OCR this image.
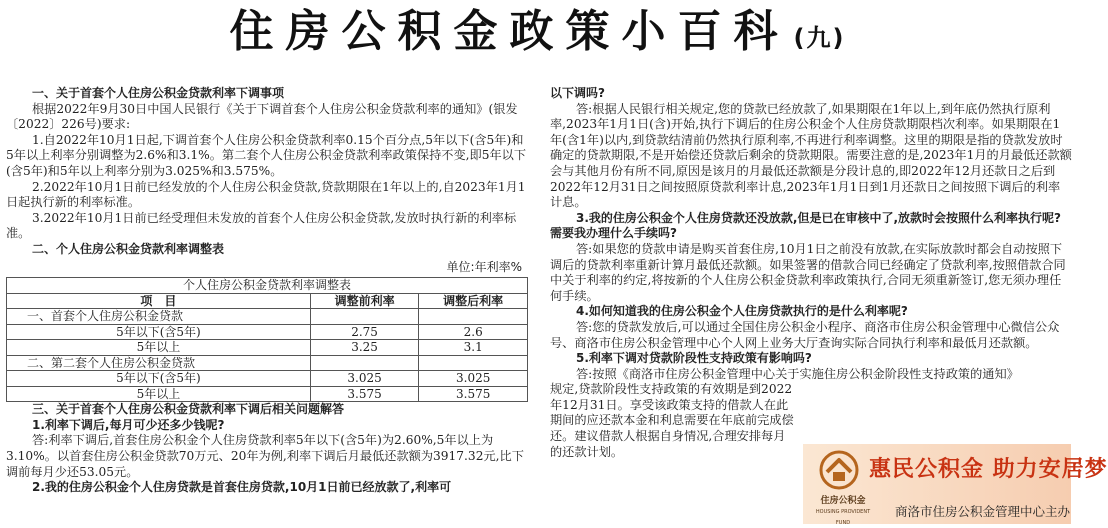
住房公积金政策小百科 (九)

一、关于首套个人住房公积金贷款利率下调事项

根据2022年9月30日中国人民银行《关于下调首套个人住房公积金贷款利率的通知》(银发〔2022〕226号)要求:

1.自2022年10月1日起,下调首套个人住房公积金贷款利率0.15个百分点,5年以下(含5年)和5年以上利率分别调整为2.6%和3.1%。第二套个人住房公积金贷款利率政策保持不变,即5年以下(含5年)和5年以上利率分别为3.025%和3.575%。

2.2022年10月1日前已经发放的个人住房公积金贷款,贷款期限在1年以上的,自2023年1月1日起执行新的利率标准。

3.2022年10月1日前已经受理但未发放的首套个人住房公积金贷款,发放时执行新的利率标准。

二、个人住房公积金贷款利率调整表

单位:年利率%

个人住房公积金贷款利率调整表		
项　目	调整前利率	调整后利率
一、首套个人住房公积金贷款		
5年以下(含5年)	2.75	2.6
5年以上	3.25	3.1
二、第二套个人住房公积金贷款		
5年以下(含5年)	3.025	3.025
5年以上	3.575	3.575

三、关于首套个人住房公积金贷款利率下调后相关问题解答

1.利率下调后,每月可少还多少钱呢?

答:利率下调后,首套住房公积金个人住房贷款利率5年以下(含5年)为2.60%,5年以上为3.10%。以首套住房公积金贷款70万元、20年为例,利率下调后月最低还款额为3917.32元,比下调前每月少还53.05元。

2.我的住房公积金个人住房贷款是首套住房贷款,10月1日前已经放款了,利率可

以下调吗?

答:根据人民银行相关规定,您的贷款已经放款了,如果期限在1年以上,到年底仍然执行原利率,2023年1月1日(含)开始,执行下调后的住房公积金个人住房贷款期限档次利率。如果期限在1年(含1年)以内,到贷款结清前仍然执行原利率,不再进行利率调整。这里的期限是指的贷款发放时确定的贷款期限,不是开始偿还贷款后剩余的贷款期限。需要注意的是,2023年1月的月最低还款额会与其他月份有所不同,原因是该月的月最低还款额是分段计息的,即2022年12月还款日之后到2022年12月31日之间按照原贷款利率计息,2023年1月1日到1月还款日之间按照下调后的利率计息。

3.我的住房公积金个人住房贷款还没放款,但是已在审核中了,放款时会按照什么利率执行呢?需要我办理什么手续吗?

答:如果您的贷款申请是购买首套住房,10月1日之前没有放款,在实际放款时都会自动按照下调后的贷款利率重新计算月最低还款额。如果签署的借款合同已经确定了贷款利率,按照借款合同中关于利率的约定,将按新的个人住房公积金贷款利率政策执行,合同无须重新签订,您无须办理任何手续。

4.如何知道我的住房公积金个人住房贷款执行的是什么利率呢?

答:您的贷款发放后,可以通过全国住房公积金小程序、商洛市住房公积金管理中心微信公众号、商洛市住房公积金管理中心个人网上业务大厅查询实际合同执行利率和最低月还款额。

5.利率下调对贷款阶段性支持政策有影响吗?

答:按照《商洛市住房公积金管理中心关于实施住房公积金阶段性支持政策的通知》

规定,贷款阶段性支持政策的有效期是到2022年12月31日。享受该政策支持的借款人在此期间的应还款本金和利息需要在年底前完成偿还。建议借款人根据自身情况,合理安排每月的还款计划。

住房公积金
HOUSING PROVIDENT FUND
惠民公积金 助力安居梦
商洛市住房公积金管理中心主办
